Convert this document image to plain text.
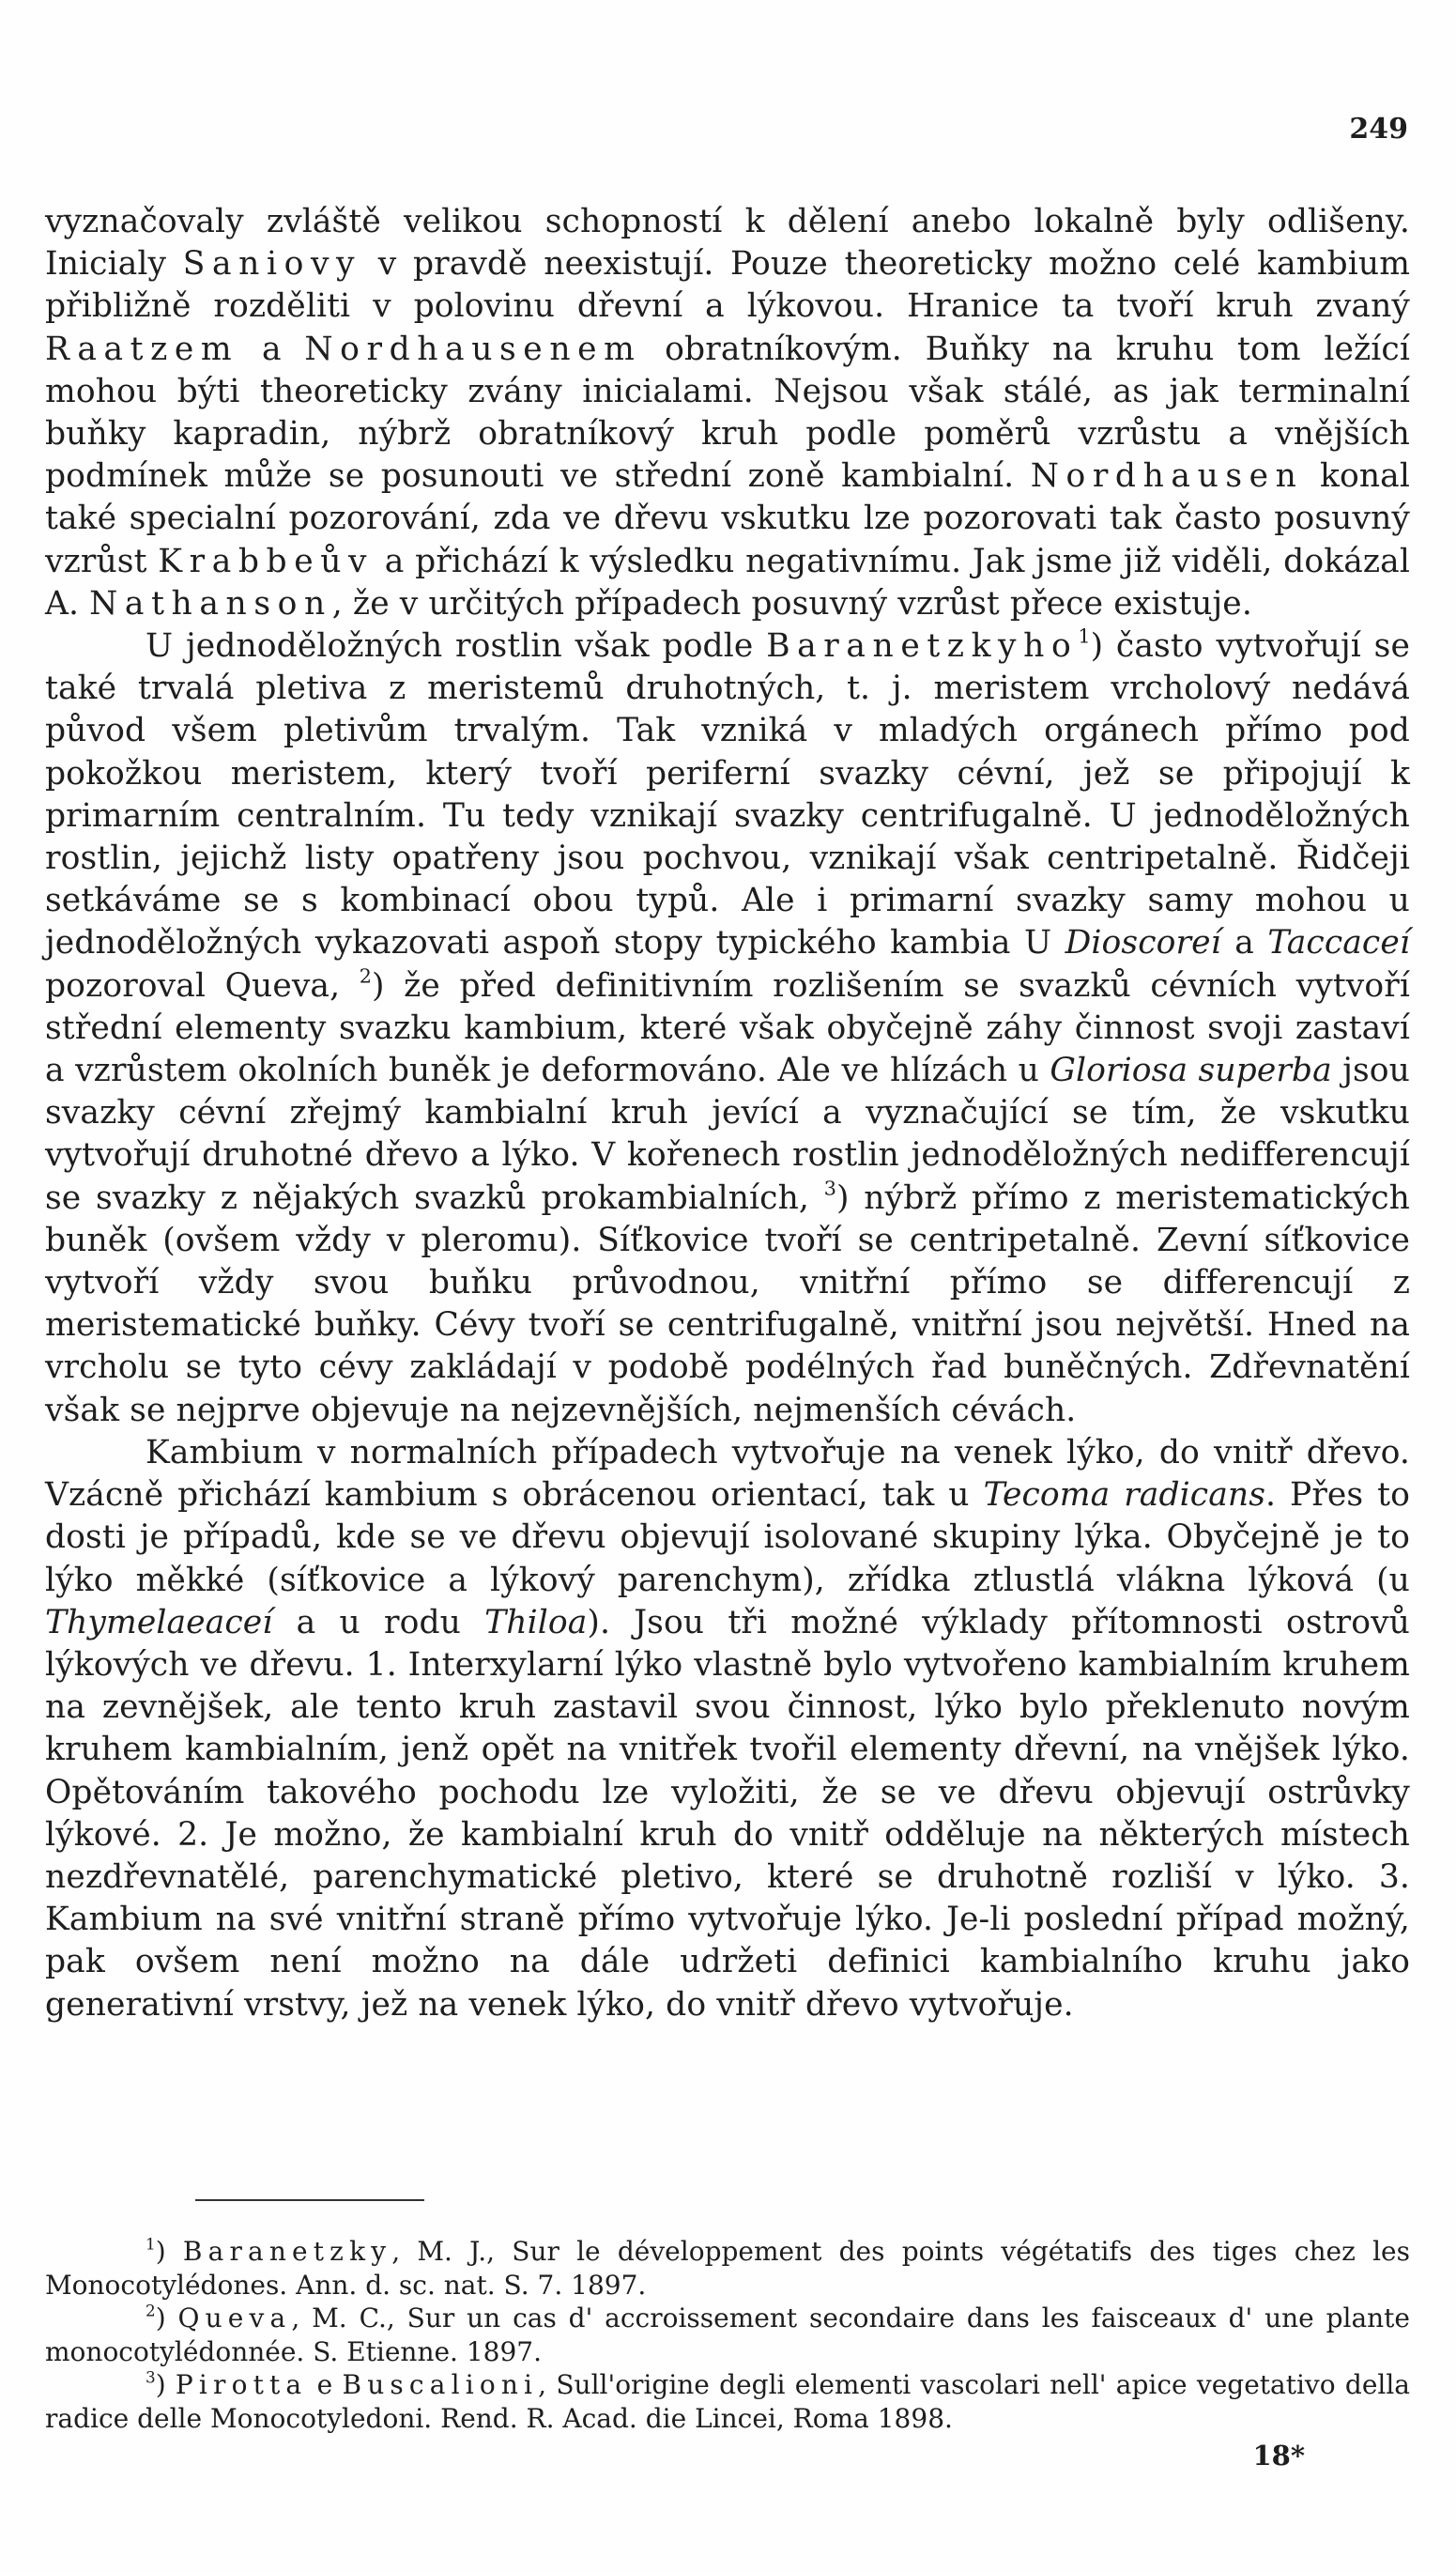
249

vyznačovaly zvláště velikou schopností k dělení anebo lokalně byly odlišeny. Inicialy Saniovy v pravdě neexistují. Pouze theoreticky možno celé kambium přibližně rozděliti v polovinu dřevní a lýkovou. Hranice ta tvoří kruh zvaný Raatzem a Nordhausenem obratníkovým. Buňky na kruhu tom ležící mohou býti theoreticky zvány inicialami. Nejsou však stálé, as jak terminalní buňky kapradin, nýbrž obratníkový kruh podle poměrů vzrůstu a vnějších podmínek může se posunouti ve střední zoně kambialní. Nordhausen konal také specialní pozorování, zda ve dřevu vskutku lze pozorovati tak často posuvný vzrůst Krabbeův a přichází k výsledku negativnímu. Jak jsme již viděli, dokázal A. Nathanson, že v určitých případech posuvný vzrůst přece existuje.

U jednoděložných rostlin však podle Baranetzkyho$^1$) často vytvořují se také trvalá pletiva z meristemů druhotných, t. j. meristem vrcholový nedává původ všem pletivům trvalým. Tak vzniká v mladých orgánech přímo pod pokožkou meristem, který tvoří periferní svazky cévní, jež se připojují k primarním centralním. Tu tedy vznikají svazky centrifugalně. U jednoděložných rostlin, jejichž listy opatřeny jsou pochvou, vznikají však centripetalně. Řidčeji setkáváme se s kombinací obou typů. Ale i primarní svazky samy mohou u jednoděložných vykazovati aspoň stopy typického kambia U Dioscoreí a Taccaceí pozoroval Queva, $^2$) že před definitivním rozlišením se svazků cévních vytvoří střední elementy svazku kambium, které však obyčejně záhy činnost svoji zastaví a vzrůstem okolních buněk je deformováno. Ale ve hlízách u Gloriosa superba jsou svazky cévní zřejmý kambialní kruh jevící a vyznačující se tím, že vskutku vytvořují druhotné dřevo a lýko. V kořenech rostlin jednoděložných nedifferencují se svazky z nějakých svazků prokambialních, $^3$) nýbrž přímo z meristematických buněk (ovšem vždy v pleromu). Síťkovice tvoří se centripetalně. Zevní síťkovice vytvoří vždy svou buňku průvodnou, vnitřní přímo se differencují z meristematické buňky. Cévy tvoří se centrifugalně, vnitřní jsou největší. Hned na vrcholu se tyto cévy zakládají v podobě podélných řad buněčných. Zdřevnatění však se nejprve objevuje na nejzevnějších, nejmenších cévách.

Kambium v normalních případech vytvořuje na venek lýko, do vnitř dřevo. Vzácně přichází kambium s obrácenou orientací, tak u Tecoma radicans. Přes to dosti je případů, kde se ve dřevu objevují isolované skupiny lýka. Obyčejně je to lýko měkké (síťkovice a lýkový parenchym), zřídka ztlustlá vlákna lýková (u Thymelaeaceí a u rodu Thiloa). Jsou tři možné výklady přítomnosti ostrovů lýkových ve dřevu. 1. Interxylarní lýko vlastně bylo vytvořeno kambialním kruhem na zevnějšek, ale tento kruh zastavil svou činnost, lýko bylo překlenuto novým kruhem kambialním, jenž opět na vnitřek tvořil elementy dřevní, na vnějšek lýko. Opětováním takového pochodu lze vyložiti, že se ve dřevu objevují ostrůvky lýkové. 2. Je možno, že kambialní kruh do vnitř odděluje na některých místech nezdřevnatělé, parenchymatické pletivo, které se druhotně rozliší v lýko. 3. Kambium na své vnitřní straně přímo vytvořuje lýko. Je-li poslední případ možný, pak ovšem není možno na dále udržeti definici kambialního kruhu jako generativní vrstvy, jež na venek lýko, do vnitř dřevo vytvořuje.

$^1$) Baranetzky, M. J., Sur le développement des points végétatifs des tiges chez les Monocotylédones. Ann. d. sc. nat. S. 7. 1897.

$^2$) Queva, M. C., Sur un cas d' accroissement secondaire dans les faisceaux d' une plante monocotylédonnée. S. Etienne. 1897.

$^3$) Pirotta e Buscalioni, Sull'origine degli elementi vascolari nell' apice vegetativo della radice delle Monocotyledoni. Rend. R. Acad. die Lincei, Roma 1898.

18*
